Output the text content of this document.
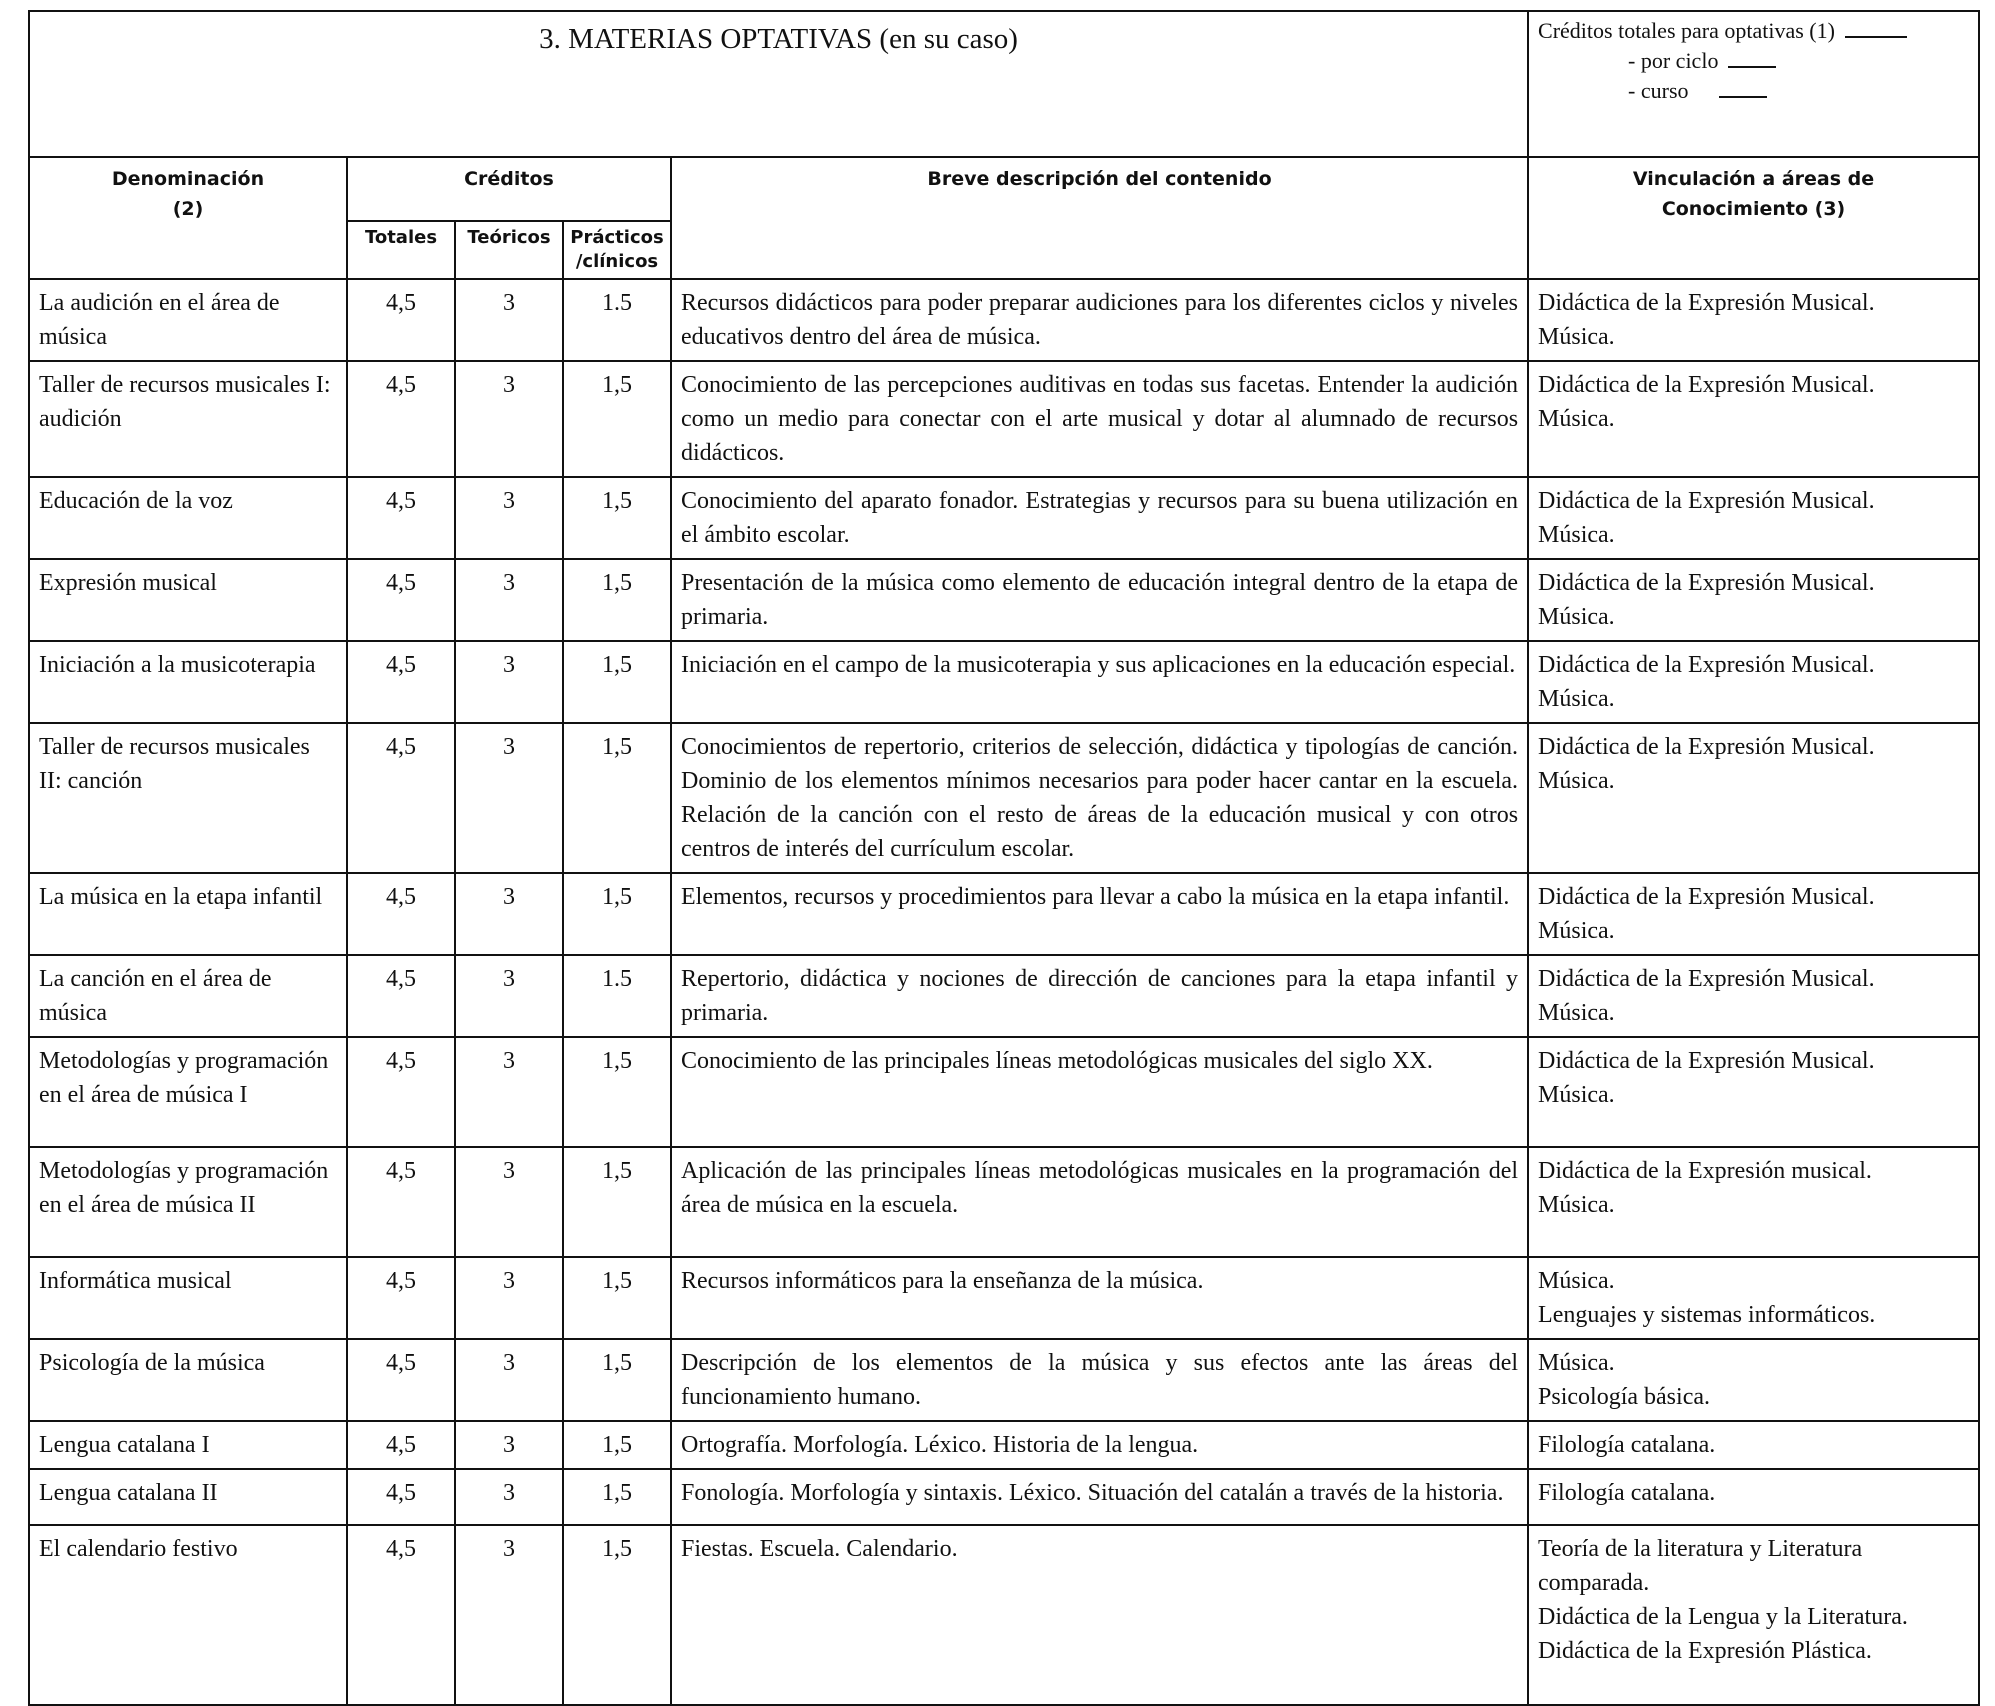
3. MATERIAS OPTATIVAS (en su caso)					Créditos totales para optativas (1)
- por ciclo
- curso

Denominación
(2)	Créditos			Breve descripción del contenido	Vinculación a áreas de
Conocimiento (3)

	Totales	Teóricos	Prácticos
/clínicos		

La audición en el área de música	4,5	3	1.5	Recursos didácticos para poder preparar audiciones para los diferentes ciclos y niveles educativos dentro del área de música.	Didáctica de la Expresión Musical.
Música.

Taller de recursos musicales I: audición	4,5	3	1,5	Conocimiento de las percepciones auditivas en todas sus facetas. Entender la audición como un medio para conectar con el arte musical y dotar al alumnado de recursos didácticos.	Didáctica de la Expresión Musical.
Música.

Educación de la voz	4,5	3	1,5	Conocimiento del aparato fonador. Estrategias y recursos para su buena utilización en el ámbito escolar.	Didáctica de la Expresión Musical.
Música.

Expresión musical	4,5	3	1,5	Presentación de la música como elemento de educación integral dentro de la etapa de primaria.	Didáctica de la Expresión Musical.
Música.

Iniciación a la musicoterapia	4,5	3	1,5	Iniciación en el campo de la musicoterapia y sus aplicaciones en la educación especial.	Didáctica de la Expresión Musical.
Música.

Taller de recursos musicales II: canción	4,5	3	1,5	Conocimientos de repertorio, criterios de selección, didáctica y tipologías de canción. Dominio de los elementos mínimos necesarios para poder hacer cantar en la escuela. Relación de la canción con el resto de áreas de la educación musical y con otros centros de interés del currículum escolar.	Didáctica de la Expresión Musical.
Música.

La música en la etapa infantil	4,5	3	1,5	Elementos, recursos y procedimientos para llevar a cabo la música en la etapa infantil.	Didáctica de la Expresión Musical.
Música.

La canción en el área de música	4,5	3	1.5	Repertorio, didáctica y nociones de dirección de canciones para la etapa infantil y primaria.	Didáctica de la Expresión Musical.
Música.

Metodologías y programación en el área de música I	4,5	3	1,5	Conocimiento de las principales líneas metodológicas musicales del siglo XX.	Didáctica de la Expresión Musical.
Música.

Metodologías y programación en el área de música II	4,5	3	1,5	Aplicación de las principales líneas metodológicas musicales en la programación del área de música en la escuela.	Didáctica de la Expresión musical.
Música.

Informática musical	4,5	3	1,5	Recursos informáticos para la enseñanza de la música.	Música.
Lenguajes y sistemas informáticos.

Psicología de la música	4,5	3	1,5	Descripción de los elementos de la música y sus efectos ante las áreas del funcionamiento humano.	Música.
Psicología básica.

Lengua catalana I	4,5	3	1,5	Ortografía. Morfología. Léxico. Historia de la lengua.	Filología catalana.

Lengua catalana II	4,5	3	1,5	Fonología. Morfología y sintaxis. Léxico. Situación del catalán a través de la historia.	Filología catalana.

El calendario festivo	4,5	3	1,5	Fiestas. Escuela. Calendario.	Teoría de la literatura y Literatura comparada.
Didáctica de la Lengua y la Literatura.
Didáctica de la Expresión Plástica.
